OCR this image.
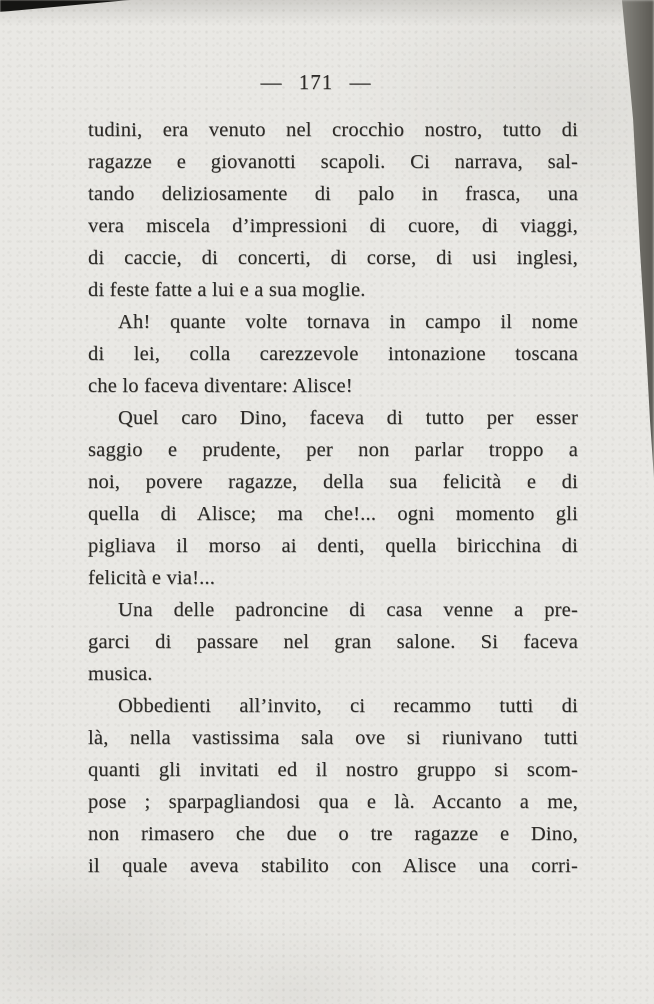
— 171 —

tudini, era venuto nel crocchio nostro, tutto di
ragazze e giovanotti scapoli. Ci narrava, sal-
tando deliziosamente di palo in frasca, una
vera miscela d’impressioni di cuore, di viaggi,
di caccie, di concerti, di corse, di usi inglesi,
di feste fatte a lui e a sua moglie.

Ah! quante volte tornava in campo il nome
di lei, colla carezzevole intonazione toscana
che lo faceva diventare: Alisce!

Quel caro Dino, faceva di tutto per esser
saggio e prudente, per non parlar troppo a
noi, povere ragazze, della sua felicità e di
quella di Alisce; ma che!... ogni momento gli
pigliava il morso ai denti, quella biricchina di
felicità e via!...

Una delle padroncine di casa venne a pre-
garci di passare nel gran salone. Si faceva
musica.

Obbedienti all’invito, ci recammo tutti di
là, nella vastissima sala ove si riunivano tutti
quanti gli invitati ed il nostro gruppo si scom-
pose ; sparpagliandosi qua e là. Accanto a me,
non rimasero che due o tre ragazze e Dino,
il quale aveva stabilito con Alisce una corri-
